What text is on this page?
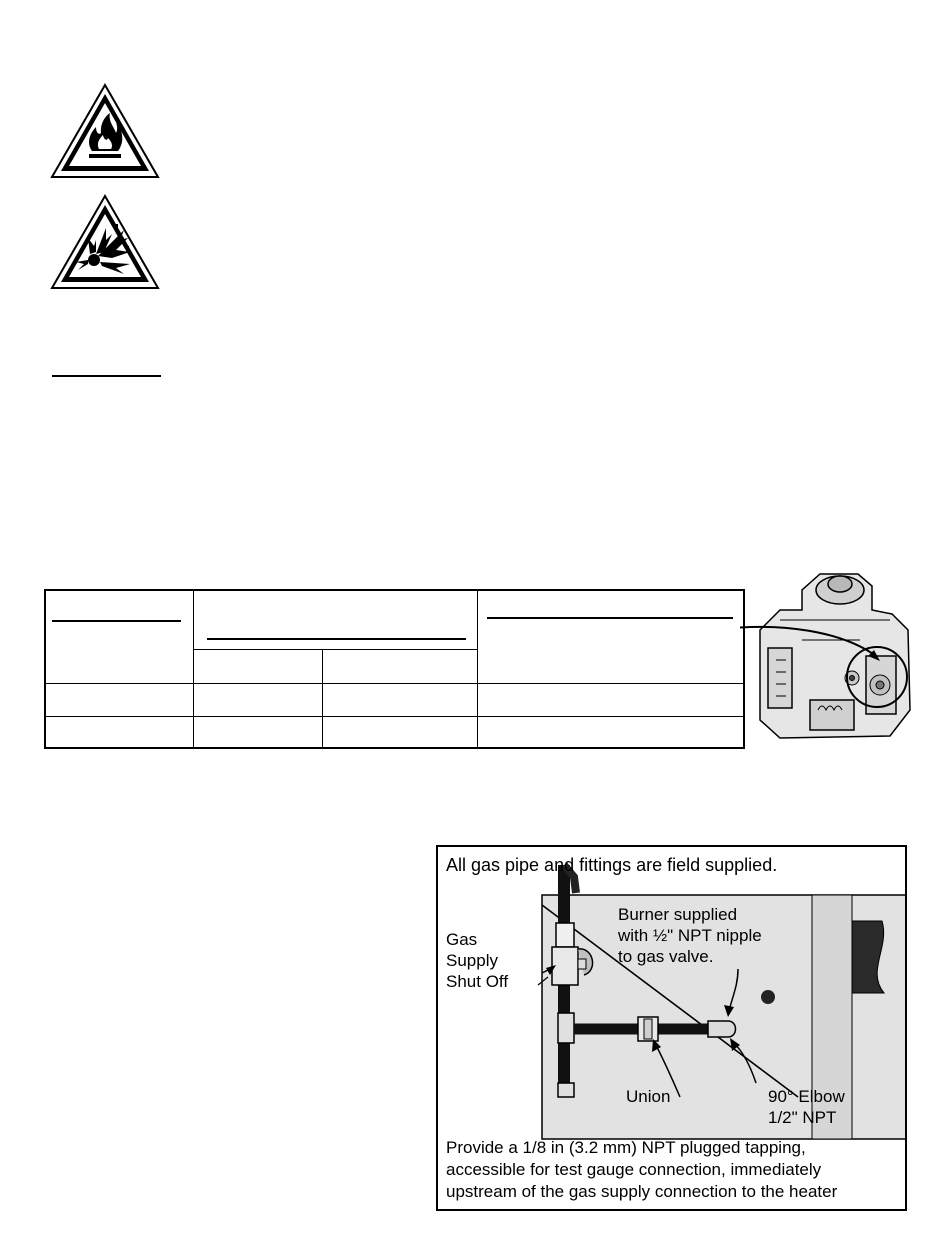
All gas pipe and fittings are field supplied.
Gas
Supply
Shut Off
Burner supplied
with ½" NPT nipple
to gas valve.
Union	90° Elbow
1/2" NPT
Provide a 1/8 in (3.2 mm) NPT plugged tapping,
accessible for test gauge connection, immediately
upstream of the gas supply connection to the heater
